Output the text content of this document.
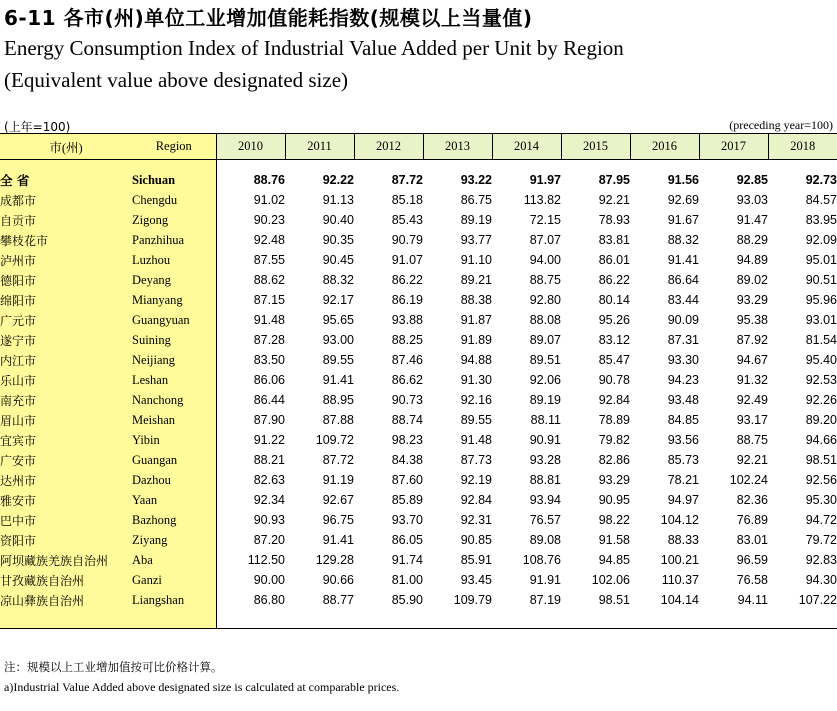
6-11 各市(州)单位工业增加值能耗指数(规模以上当量值)
Energy Consumption Index of Industrial Value Added per Unit by Region
(Equivalent value above designated size)
(上年=100)	(preceding year=100)
市(州)	Region	2010	2011	2012	2013	2014	2015	2016	2017	2018

全 省	Sichuan	88.76	92.22	87.72	93.22	91.97	87.95	91.56	92.85	92.73
成都市	Chengdu	91.02	91.13	85.18	86.75	113.82	92.21	92.69	93.03	84.57
自贡市	Zigong	90.23	90.40	85.43	89.19	72.15	78.93	91.67	91.47	83.95
攀枝花市	Panzhihua	92.48	90.35	90.79	93.77	87.07	83.81	88.32	88.29	92.09
泸州市	Luzhou	87.55	90.45	91.07	91.10	94.00	86.01	91.41	94.89	95.01
德阳市	Deyang	88.62	88.32	86.22	89.21	88.75	86.22	86.64	89.02	90.51
绵阳市	Mianyang	87.15	92.17	86.19	88.38	92.80	80.14	83.44	93.29	95.96
广元市	Guangyuan	91.48	95.65	93.88	91.87	88.08	95.26	90.09	95.38	93.01
遂宁市	Suining	87.28	93.00	88.25	91.89	89.07	83.12	87.31	87.92	81.54
内江市	Neijiang	83.50	89.55	87.46	94.88	89.51	85.47	93.30	94.67	95.40
乐山市	Leshan	86.06	91.41	86.62	91.30	92.06	90.78	94.23	91.32	92.53
南充市	Nanchong	86.44	88.95	90.73	92.16	89.19	92.84	93.48	92.49	92.26
眉山市	Meishan	87.90	87.88	88.74	89.55	88.11	78.89	84.85	93.17	89.20
宜宾市	Yibin	91.22	109.72	98.23	91.48	90.91	79.82	93.56	88.75	94.66
广安市	Guangan	88.21	87.72	84.38	87.73	93.28	82.86	85.73	92.21	98.51
达州市	Dazhou	82.63	91.19	87.60	92.19	88.81	93.29	78.21	102.24	92.56
雅安市	Yaan	92.34	92.67	85.89	92.84	93.94	90.95	94.97	82.36	95.30
巴中市	Bazhong	90.93	96.75	93.70	92.31	76.57	98.22	104.12	76.89	94.72
资阳市	Ziyang	87.20	91.41	86.05	90.85	89.08	91.58	88.33	83.01	79.72
阿坝藏族羌族自治州	Aba	112.50	129.28	91.74	85.91	108.76	94.85	100.21	96.59	92.83
甘孜藏族自治州	Ganzi	90.00	90.66	81.00	93.45	91.91	102.06	110.37	76.58	94.30
凉山彝族自治州	Liangshan	86.80	88.77	85.90	109.79	87.19	98.51	104.14	94.11	107.22

注：规模以上工业增加值按可比价格计算。
a)Industrial Value Added above designated size is calculated at comparable prices.
